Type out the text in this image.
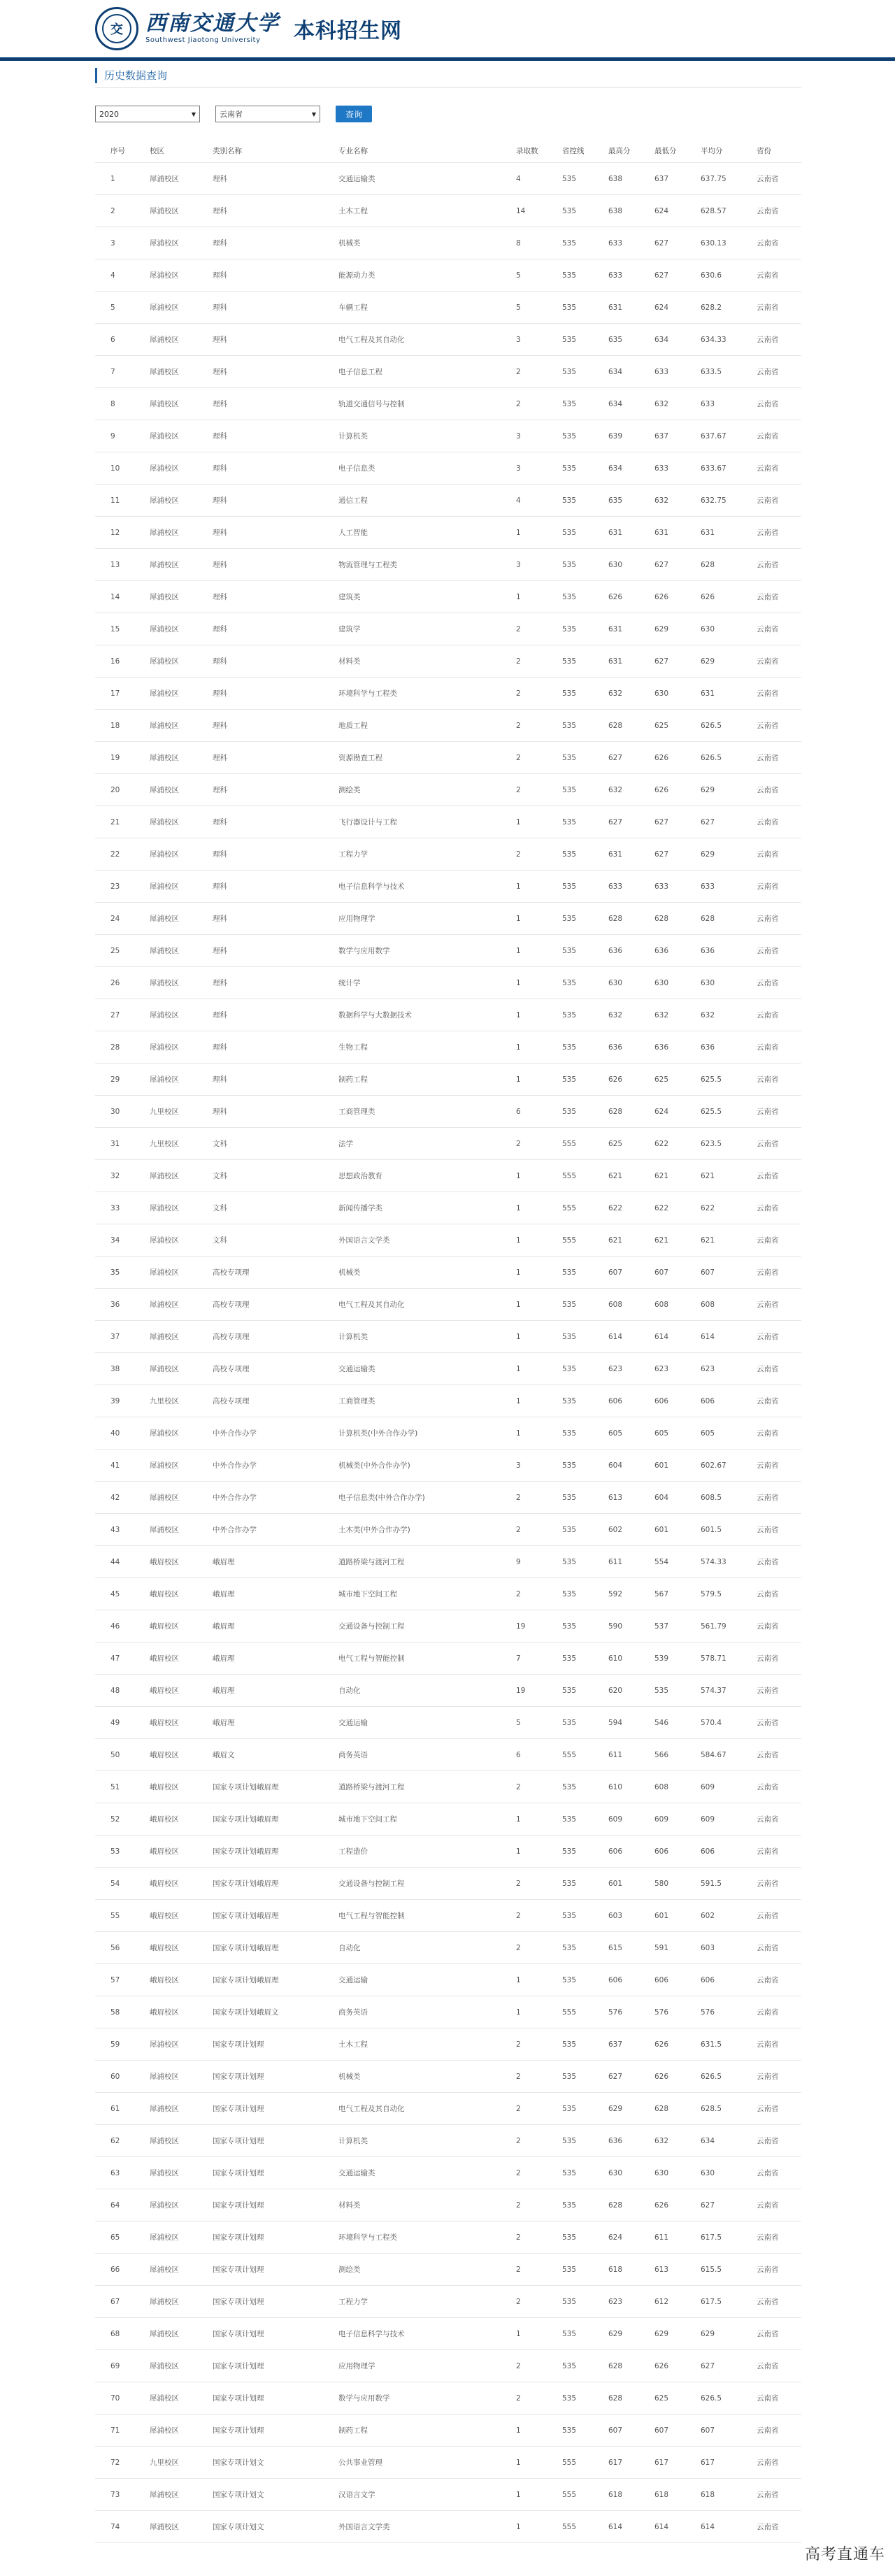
交	西南交通大学
Southwest Jiaotong University	本科招生网
历史数据查询
2020	▼	云南省	▼	查询
序号	校区	类别名称	专业名称	录取数	省控线	最高分	最低分	平均分	省份
1	犀浦校区	理科	交通运输类	4	535	638	637	637.75	云南省
2	犀浦校区	理科	土木工程	14	535	638	624	628.57	云南省
3	犀浦校区	理科	机械类	8	535	633	627	630.13	云南省
4	犀浦校区	理科	能源动力类	5	535	633	627	630.6	云南省
5	犀浦校区	理科	车辆工程	5	535	631	624	628.2	云南省
6	犀浦校区	理科	电气工程及其自动化	3	535	635	634	634.33	云南省
7	犀浦校区	理科	电子信息工程	2	535	634	633	633.5	云南省
8	犀浦校区	理科	轨道交通信号与控制	2	535	634	632	633	云南省
9	犀浦校区	理科	计算机类	3	535	639	637	637.67	云南省
10	犀浦校区	理科	电子信息类	3	535	634	633	633.67	云南省
11	犀浦校区	理科	通信工程	4	535	635	632	632.75	云南省
12	犀浦校区	理科	人工智能	1	535	631	631	631	云南省
13	犀浦校区	理科	物流管理与工程类	3	535	630	627	628	云南省
14	犀浦校区	理科	建筑类	1	535	626	626	626	云南省
15	犀浦校区	理科	建筑学	2	535	631	629	630	云南省
16	犀浦校区	理科	材料类	2	535	631	627	629	云南省
17	犀浦校区	理科	环境科学与工程类	2	535	632	630	631	云南省
18	犀浦校区	理科	地质工程	2	535	628	625	626.5	云南省
19	犀浦校区	理科	资源勘查工程	2	535	627	626	626.5	云南省
20	犀浦校区	理科	测绘类	2	535	632	626	629	云南省
21	犀浦校区	理科	飞行器设计与工程	1	535	627	627	627	云南省
22	犀浦校区	理科	工程力学	2	535	631	627	629	云南省
23	犀浦校区	理科	电子信息科学与技术	1	535	633	633	633	云南省
24	犀浦校区	理科	应用物理学	1	535	628	628	628	云南省
25	犀浦校区	理科	数学与应用数学	1	535	636	636	636	云南省
26	犀浦校区	理科	统计学	1	535	630	630	630	云南省
27	犀浦校区	理科	数据科学与大数据技术	1	535	632	632	632	云南省
28	犀浦校区	理科	生物工程	1	535	636	636	636	云南省
29	犀浦校区	理科	制药工程	1	535	626	625	625.5	云南省
30	九里校区	理科	工商管理类	6	535	628	624	625.5	云南省
31	九里校区	文科	法学	2	555	625	622	623.5	云南省
32	犀浦校区	文科	思想政治教育	1	555	621	621	621	云南省
33	犀浦校区	文科	新闻传播学类	1	555	622	622	622	云南省
34	犀浦校区	文科	外国语言文学类	1	555	621	621	621	云南省
35	犀浦校区	高校专项理	机械类	1	535	607	607	607	云南省
36	犀浦校区	高校专项理	电气工程及其自动化	1	535	608	608	608	云南省
37	犀浦校区	高校专项理	计算机类	1	535	614	614	614	云南省
38	犀浦校区	高校专项理	交通运输类	1	535	623	623	623	云南省
39	九里校区	高校专项理	工商管理类	1	535	606	606	606	云南省
40	犀浦校区	中外合作办学	计算机类(中外合作办学)	1	535	605	605	605	云南省
41	犀浦校区	中外合作办学	机械类(中外合作办学)	3	535	604	601	602.67	云南省
42	犀浦校区	中外合作办学	电子信息类(中外合作办学)	2	535	613	604	608.5	云南省
43	犀浦校区	中外合作办学	土木类(中外合作办学)	2	535	602	601	601.5	云南省
44	峨眉校区	峨眉理	道路桥梁与渡河工程	9	535	611	554	574.33	云南省
45	峨眉校区	峨眉理	城市地下空间工程	2	535	592	567	579.5	云南省
46	峨眉校区	峨眉理	交通设备与控制工程	19	535	590	537	561.79	云南省
47	峨眉校区	峨眉理	电气工程与智能控制	7	535	610	539	578.71	云南省
48	峨眉校区	峨眉理	自动化	19	535	620	535	574.37	云南省
49	峨眉校区	峨眉理	交通运输	5	535	594	546	570.4	云南省
50	峨眉校区	峨眉文	商务英语	6	555	611	566	584.67	云南省
51	峨眉校区	国家专项计划峨眉理	道路桥梁与渡河工程	2	535	610	608	609	云南省
52	峨眉校区	国家专项计划峨眉理	城市地下空间工程	1	535	609	609	609	云南省
53	峨眉校区	国家专项计划峨眉理	工程造价	1	535	606	606	606	云南省
54	峨眉校区	国家专项计划峨眉理	交通设备与控制工程	2	535	601	580	591.5	云南省
55	峨眉校区	国家专项计划峨眉理	电气工程与智能控制	2	535	603	601	602	云南省
56	峨眉校区	国家专项计划峨眉理	自动化	2	535	615	591	603	云南省
57	峨眉校区	国家专项计划峨眉理	交通运输	1	535	606	606	606	云南省
58	峨眉校区	国家专项计划峨眉文	商务英语	1	555	576	576	576	云南省
59	犀浦校区	国家专项计划理	土木工程	2	535	637	626	631.5	云南省
60	犀浦校区	国家专项计划理	机械类	2	535	627	626	626.5	云南省
61	犀浦校区	国家专项计划理	电气工程及其自动化	2	535	629	628	628.5	云南省
62	犀浦校区	国家专项计划理	计算机类	2	535	636	632	634	云南省
63	犀浦校区	国家专项计划理	交通运输类	2	535	630	630	630	云南省
64	犀浦校区	国家专项计划理	材料类	2	535	628	626	627	云南省
65	犀浦校区	国家专项计划理	环境科学与工程类	2	535	624	611	617.5	云南省
66	犀浦校区	国家专项计划理	测绘类	2	535	618	613	615.5	云南省
67	犀浦校区	国家专项计划理	工程力学	2	535	623	612	617.5	云南省
68	犀浦校区	国家专项计划理	电子信息科学与技术	1	535	629	629	629	云南省
69	犀浦校区	国家专项计划理	应用物理学	2	535	628	626	627	云南省
70	犀浦校区	国家专项计划理	数学与应用数学	2	535	628	625	626.5	云南省
71	犀浦校区	国家专项计划理	制药工程	1	535	607	607	607	云南省
72	九里校区	国家专项计划文	公共事业管理	1	555	617	617	617	云南省
73	犀浦校区	国家专项计划文	汉语言文学	1	555	618	618	618	云南省
74	犀浦校区	国家专项计划文	外国语言文学类	1	555	614	614	614	云南省
高考直通车
